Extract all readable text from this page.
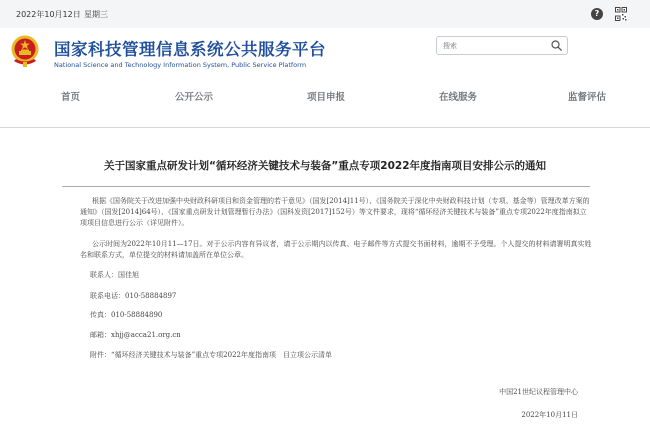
2022年10月12日 星期三	?
国家科技管理信息系统公共服务平台
National Science and Technology Information System, Public Service Platform
搜索
首页	公开公示	项目申报	在线服务	监督评估
关于国家重点研发计划“循环经济关键技术与装备”重点专项2022年度指南项目安排公示的通知

根据《国务院关于改进加强中央财政科研项目和资金管理的若干意见》（国发[2014]11号）、《国务院关于深化中央财政科技计划（专项、基金等）管理改革方案的通知》（国发[2014]64号）、《国家重点研发计划管理暂行办法》（国科发资[2017]152号）等文件要求，现将“循环经济关键技术与装备”重点专项2022年度指南拟立项项目信息进行公示（详见附件）。

公示时间为2022年10月11—17日。对于公示内容有异议者，请于公示期内以传真、电子邮件等方式提交书面材料，逾期不予受理。个人提交的材料请署明真实姓名和联系方式，单位提交的材料请加盖所在单位公章。

联系人：国佳旭
联系电话：010-58884897
传真：010-58884890
邮箱：xhjj@acca21.org.cn
附件：“循环经济关键技术与装备”重点专项2022年度指南项　目立项公示清单
中国21世纪议程管理中心
2022年10月11日
